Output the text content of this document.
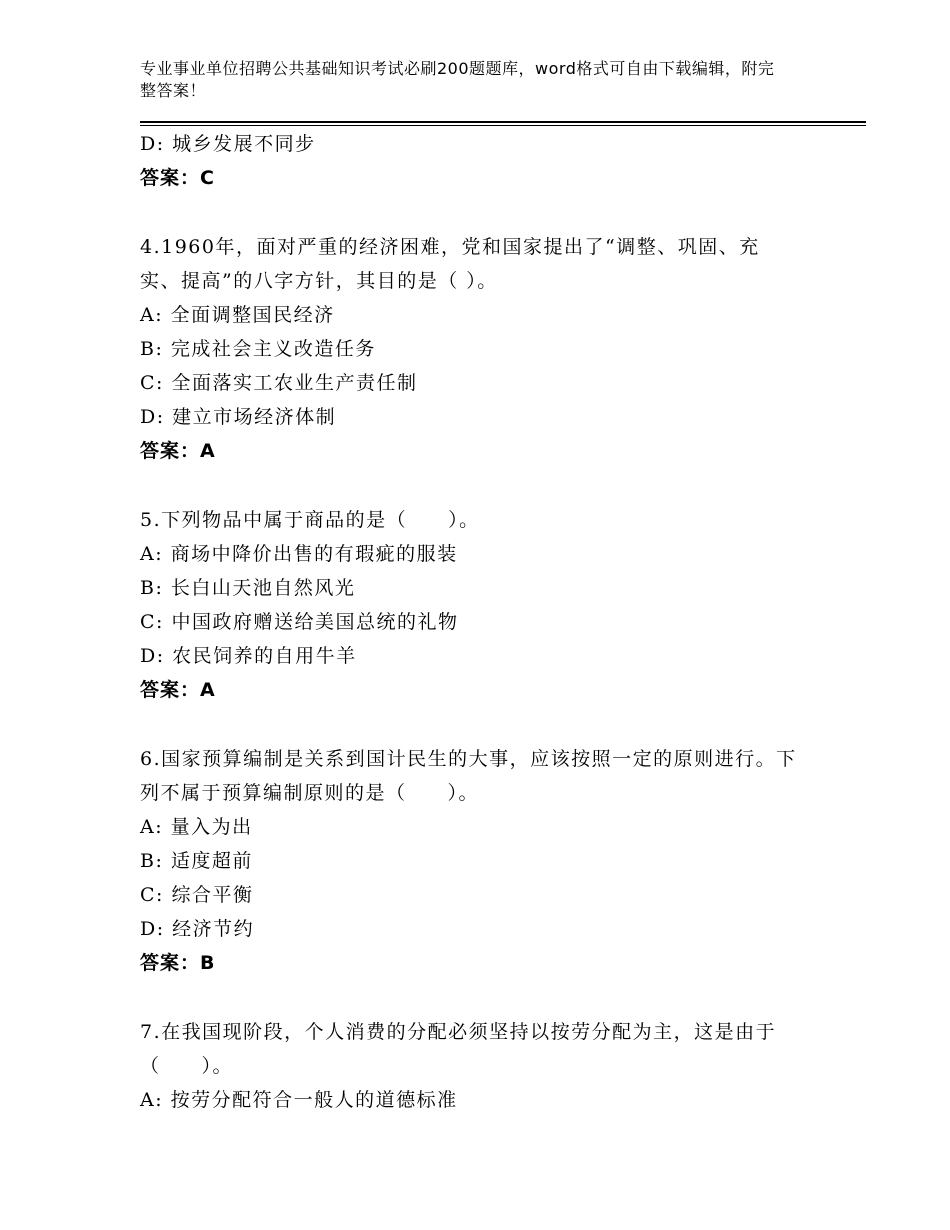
专业事业单位招聘公共基础知识考试必刷200题题库，word格式可自由下载编辑，附完整答案！
D: 城乡发展不同步
答案：C
4.1960年，面对严重的经济困难，党和国家提出了“调整、巩固、充实、提高”的八字方针，其目的是（ ）。
A: 全面调整国民经济
B: 完成社会主义改造任务
C: 全面落实工农业生产责任制
D: 建立市场经济体制
答案：A
5.下列物品中属于商品的是（　　）。
A: 商场中降价出售的有瑕疵的服装
B: 长白山天池自然风光
C: 中国政府赠送给美国总统的礼物
D: 农民饲养的自用牛羊
答案：A
6.国家预算编制是关系到国计民生的大事，应该按照一定的原则进行。下列不属于预算编制原则的是（　　）。
A: 量入为出
B: 适度超前
C: 综合平衡
D: 经济节约
答案：B
7.在我国现阶段，个人消费的分配必须坚持以按劳分配为主，这是由于（　　）。
A: 按劳分配符合一般人的道德标准
